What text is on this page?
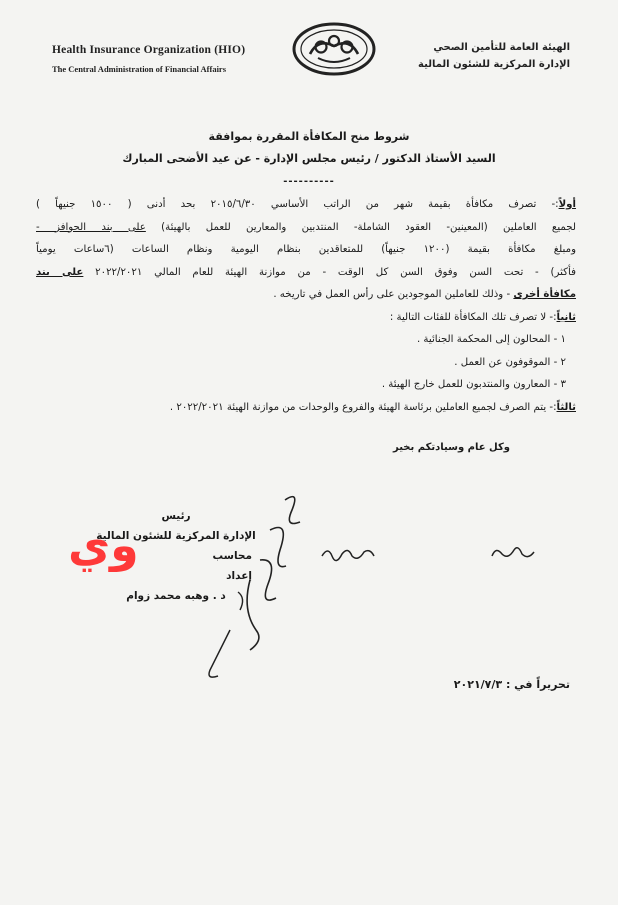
Health Insurance Organization (HIO)
The Central Administration of Financial Affairs
الهيئة العامة للتأمين الصحي
الإدارة المركزية للشئون المالية
شروط منح المكافأة المقررة بموافقة
السيد الأستاذ الدكتور / رئيس مجلس الإدارة - عن عيد الأضحى المبارك
----------
أولاً:- تصرف مكافأة بقيمة شهر من الراتب الأساسي ٢٠١٥/٦/٣٠ بحد أدنى ( ١٥٠٠ جنيهاً )
لجميع العاملين (المعينين- العقود الشاملة- المنتدبين والمعارين للعمل بالهيئة) على بند الحوافز -
ومبلغ مكافأة بقيمة (١٢٠٠ جنيهاً) للمتعاقدين بنظام اليومية ونظام الساعات (٦ساعات يومياً
فأكثر) - تحت السن وفوق السن كل الوقت - من موازنة الهيئة للعام المالي ٢٠٢٢/٢٠٢١ على بند
مكافأة أخرى - وذلك للعاملين الموجودين على رأس العمل في تاريخه .
ثانياً:- لا تصرف تلك المكافأة للفئات التالية :
١ - المحالون إلى المحكمة الجنائية .
٢ - الموقوفون عن العمل .
٣ - المعارون والمنتدبون للعمل خارج الهيئة .
ثالثاً:- يتم الصرف لجميع العاملين برئاسة الهيئة والفروع والوحدات من موازنة الهيئة ٢٠٢٢/٢٠٢١ .
وكل عام وسيادتكم بخير
رئيس
الإدارة المركزية للشئون المالية
محاسب
إعداد
د . وهبه محمد زوام
وي
تحريراً في : ٢٠٢١/٧/٣
